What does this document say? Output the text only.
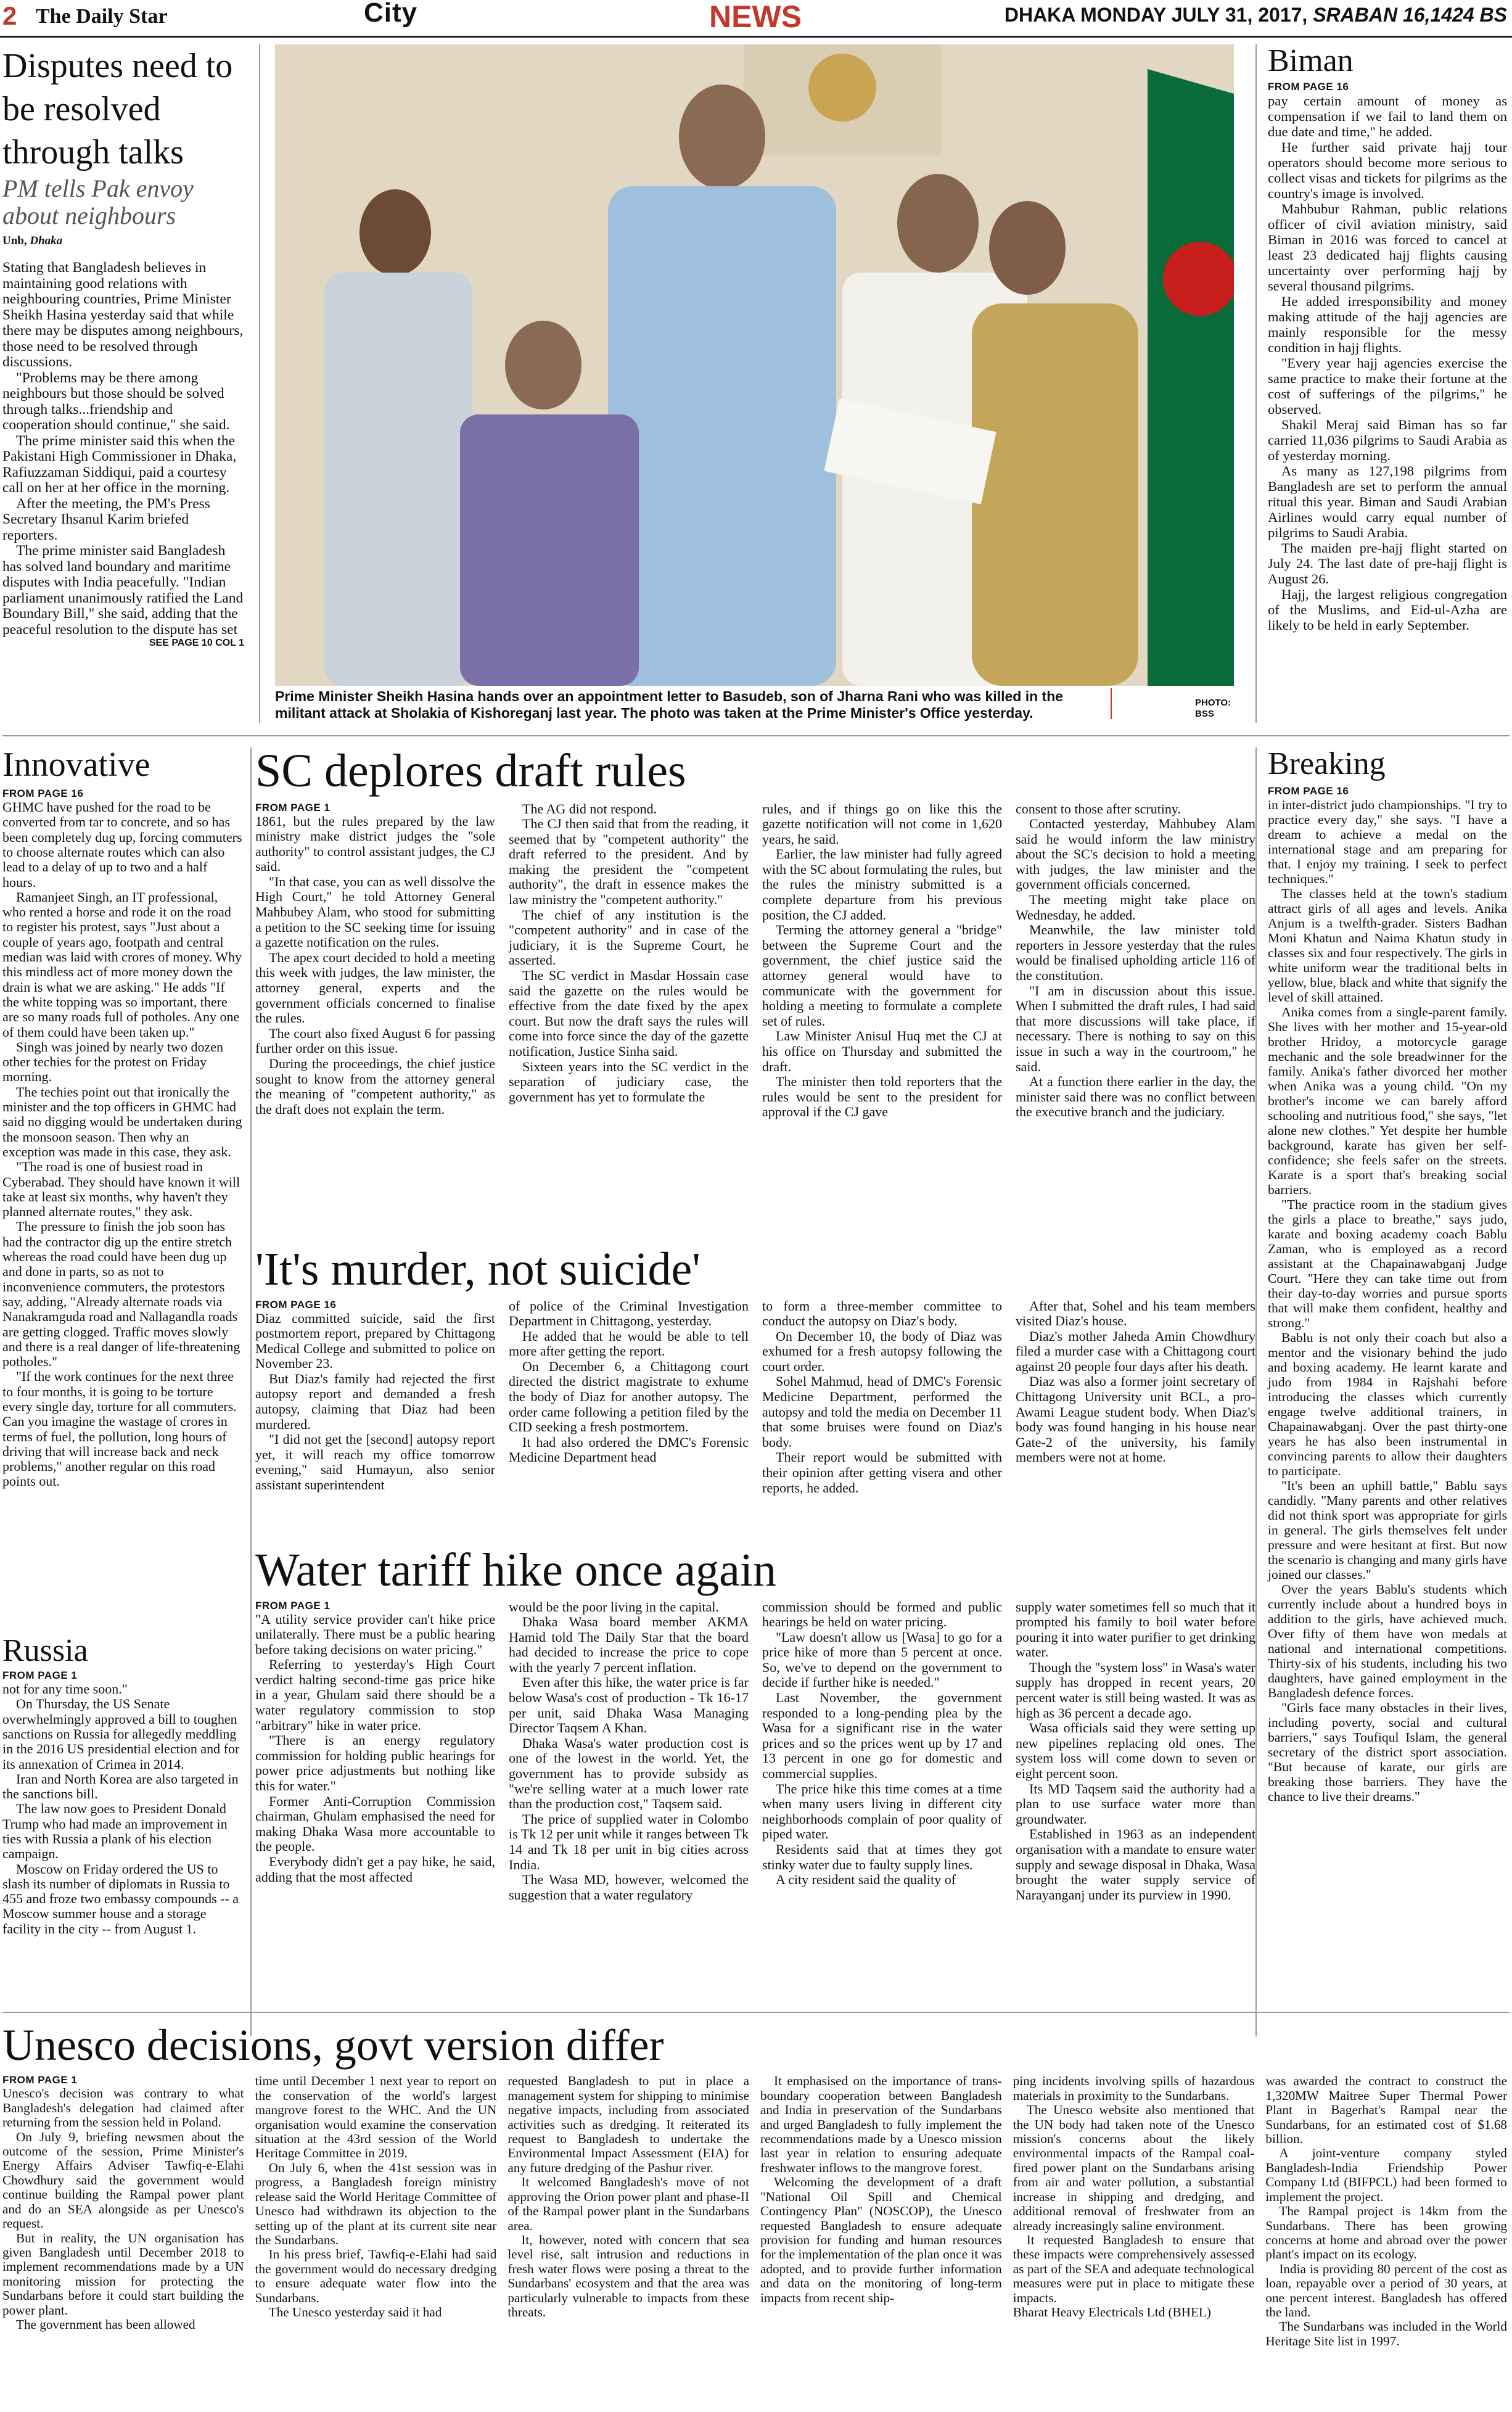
2 The Daily Star	City	NEWS	DHAKA MONDAY JULY 31, 2017, SRABAN 16,1424 BS
Disputes need to be resolved through talks
PM tells Pak envoy about neighbours
Unb, Dhaka

Stating that Bangladesh believes in maintaining good relations with neighbouring countries, Prime Minister Sheikh Hasina yesterday said that while there may be disputes among neighbours, those need to be resolved through discussions.

"Problems may be there among neighbours but those should be solved through talks...friendship and cooperation should continue," she said.

The prime minister said this when the Pakistani High Commissioner in Dhaka, Rafiuzzaman Siddiqui, paid a courtesy call on her at her office in the morning.

After the meeting, the PM's Press Secretary Ihsanul Karim briefed reporters.

The prime minister said Bangladesh has solved land boundary and maritime disputes with India peacefully. "Indian parliament unanimously ratified the Land Boundary Bill," she said, adding that the peaceful resolution to the dispute has set

SEE PAGE 10 COL 1
Prime Minister Sheikh Hasina hands over an appointment letter to Basudeb, son of Jharna Rani who was killed in the militant attack at Sholakia of Kishoreganj last year. The photo was taken at the Prime Minister's Office yesterday.
PHOTO:
BSS
Biman
FROM PAGE 16

pay certain amount of money as compensation if we fail to land them on due date and time," he added.

He further said private hajj tour operators should become more serious to collect visas and tickets for pilgrims as the country's image is involved.

Mahbubur Rahman, public relations officer of civil aviation ministry, said Biman in 2016 was forced to cancel at least 23 dedicated hajj flights causing uncertainty over performing hajj by several thousand pilgrims.

He added irresponsibility and money making attitude of the hajj agencies are mainly responsible for the messy condition in hajj flights.

"Every year hajj agencies exercise the same practice to make their fortune at the cost of sufferings of the pilgrims," he observed.

Shakil Meraj said Biman has so far carried 11,036 pilgrims to Saudi Arabia as of yesterday morning.

As many as 127,198 pilgrims from Bangladesh are set to perform the annual ritual this year. Biman and Saudi Arabian Airlines would carry equal number of pilgrims to Saudi Arabia.

The maiden pre-hajj flight started on July 24. The last date of pre-hajj flight is August 26.

Hajj, the largest religious congregation of the Muslims, and Eid-ul-Azha are likely to be held in early September.

Innovative
FROM PAGE 16

GHMC have pushed for the road to be converted from tar to concrete, and so has been completely dug up, forcing commuters to choose alternate routes which can also lead to a delay of up to two and a half hours.

Ramanjeet Singh, an IT professional, who rented a horse and rode it on the road to register his protest, says "Just about a couple of years ago, footpath and central median was laid with crores of money. Why this mindless act of more money down the drain is what we are asking." He adds "If the white topping was so important, there are so many roads full of potholes. Any one of them could have been taken up."

Singh was joined by nearly two dozen other techies for the protest on Friday morning.

The techies point out that ironically the minister and the top officers in GHMC had said no digging would be undertaken during the monsoon season. Then why an exception was made in this case, they ask.

"The road is one of busiest road in Cyberabad. They should have known it will take at least six months, why haven't they planned alternate routes," they ask.

The pressure to finish the job soon has had the contractor dig up the entire stretch whereas the road could have been dug up and done in parts, so as not to inconvenience commuters, the protestors say, adding, "Already alternate roads via Nanakramguda road and Nallagandla roads are getting clogged. Traffic moves slowly and there is a real danger of life-threatening potholes."

"If the work continues for the next three to four months, it is going to be torture every single day, torture for all commuters. Can you imagine the wastage of crores in terms of fuel, the pollution, long hours of driving that will increase back and neck problems," another regular on this road points out.

Russia
FROM PAGE 1

not for any time soon."

On Thursday, the US Senate overwhelmingly approved a bill to toughen sanctions on Russia for allegedly meddling in the 2016 US presidential election and for its annexation of Crimea in 2014.

Iran and North Korea are also targeted in the sanctions bill.

The law now goes to President Donald Trump who had made an improvement in ties with Russia a plank of his election campaign.

Moscow on Friday ordered the US to slash its number of diplomats in Russia to 455 and froze two embassy compounds -- a Moscow summer house and a storage facility in the city -- from August 1.

SC deplores draft rules
FROM PAGE 1

1861, but the rules prepared by the law ministry make district judges the "sole authority" to control assistant judges, the CJ said.

"In that case, you can as well dissolve the High Court," he told Attorney General Mahbubey Alam, who stood for submitting a petition to the SC seeking time for issuing a gazette notification on the rules.

The apex court decided to hold a meeting this week with judges, the law minister, the attorney general, experts and the government officials concerned to finalise the rules.

The court also fixed August 6 for passing further order on this issue.

During the proceedings, the chief justice sought to know from the attorney general the meaning of "competent authority," as the draft does not explain the term.

The AG did not respond.

The CJ then said that from the reading, it seemed that by "competent authority" the draft referred to the president. And by making the president the "competent authority", the draft in essence makes the law ministry the "competent authority."

The chief of any institution is the "competent authority" and in case of the judiciary, it is the Supreme Court, he asserted.

The SC verdict in Masdar Hossain case said the gazette on the rules would be effective from the date fixed by the apex court. But now the draft says the rules will come into force since the day of the gazette notification, Justice Sinha said.

Sixteen years into the SC verdict in the separation of judiciary case, the government has yet to formulate the

rules, and if things go on like this the gazette notification will not come in 1,620 years, he said.

Earlier, the law minister had fully agreed with the SC about formulating the rules, but the rules the ministry submitted is a complete departure from his previous position, the CJ added.

Terming the attorney general a "bridge" between the Supreme Court and the government, the chief justice said the attorney general would have to communicate with the government for holding a meeting to formulate a complete set of rules.

Law Minister Anisul Huq met the CJ at his office on Thursday and submitted the draft.

The minister then told reporters that the rules would be sent to the president for approval if the CJ gave

consent to those after scrutiny.

Contacted yesterday, Mahbubey Alam said he would inform the law ministry about the SC's decision to hold a meeting with judges, the law minister and the government officials concerned.

The meeting might take place on Wednesday, he added.

Meanwhile, the law minister told reporters in Jessore yesterday that the rules would be finalised upholding article 116 of the constitution.

"I am in discussion about this issue. When I submitted the draft rules, I had said that more discussions will take place, if necessary. There is nothing to say on this issue in such a way in the courtroom," he said.

At a function there earlier in the day, the minister said there was no conflict between the executive branch and the judiciary.

'It's murder, not suicide'
FROM PAGE 16

Diaz committed suicide, said the first postmortem report, prepared by Chittagong Medical College and submitted to police on November 23.

But Diaz's family had rejected the first autopsy report and demanded a fresh autopsy, claiming that Diaz had been murdered.

"I did not get the [second] autopsy report yet, it will reach my office tomorrow evening," said Humayun, also senior assistant superintendent

of police of the Criminal Investigation Department in Chittagong, yesterday.

He added that he would be able to tell more after getting the report.

On December 6, a Chittagong court directed the district magistrate to exhume the body of Diaz for another autopsy. The order came following a petition filed by the CID seeking a fresh postmortem.

It had also ordered the DMC's Forensic Medicine Department head

to form a three-member committee to conduct the autopsy on Diaz's body.

On December 10, the body of Diaz was exhumed for a fresh autopsy following the court order.

Sohel Mahmud, head of DMC's Forensic Medicine Department, performed the autopsy and told the media on December 11 that some bruises were found on Diaz's body.

Their report would be submitted with their opinion after getting visera and other reports, he added.

After that, Sohel and his team members visited Diaz's house.

Diaz's mother Jaheda Amin Chowdhury filed a murder case with a Chittagong court against 20 people four days after his death.

Diaz was also a former joint secretary of Chittagong University unit BCL, a pro-Awami League student body. When Diaz's body was found hanging in his house near Gate-2 of the university, his family members were not at home.

Water tariff hike once again
FROM PAGE 1

"A utility service provider can't hike price unilaterally. There must be a public hearing before taking decisions on water pricing."

Referring to yesterday's High Court verdict halting second-time gas price hike in a year, Ghulam said there should be a water regulatory commission to stop "arbitrary" hike in water price.

"There is an energy regulatory commission for holding public hearings for power price adjustments but nothing like this for water."

Former Anti-Corruption Commission chairman, Ghulam emphasised the need for making Dhaka Wasa more accountable to the people.

Everybody didn't get a pay hike, he said, adding that the most affected

would be the poor living in the capital.

Dhaka Wasa board member AKMA Hamid told The Daily Star that the board had decided to increase the price to cope with the yearly 7 percent inflation.

Even after this hike, the water price is far below Wasa's cost of production - Tk 16-17 per unit, said Dhaka Wasa Managing Director Taqsem A Khan.

Dhaka Wasa's water production cost is one of the lowest in the world. Yet, the government has to provide subsidy as "we're selling water at a much lower rate than the production cost," Taqsem said.

The price of supplied water in Colombo is Tk 12 per unit while it ranges between Tk 14 and Tk 18 per unit in big cities across India.

The Wasa MD, however, welcomed the suggestion that a water regulatory

commission should be formed and public hearings be held on water pricing.

"Law doesn't allow us [Wasa] to go for a price hike of more than 5 percent at once. So, we've to depend on the government to decide if further hike is needed."

Last November, the government responded to a long-pending plea by the Wasa for a significant rise in the water prices and so the prices went up by 17 and 13 percent in one go for domestic and commercial supplies.

The price hike this time comes at a time when many users living in different city neighborhoods complain of poor quality of piped water.

Residents said that at times they got stinky water due to faulty supply lines.

A city resident said the quality of

supply water sometimes fell so much that it prompted his family to boil water before pouring it into water purifier to get drinking water.

Though the "system loss" in Wasa's water supply has dropped in recent years, 20 percent water is still being wasted. It was as high as 36 percent a decade ago.

Wasa officials said they were setting up new pipelines replacing old ones. The system loss will come down to seven or eight percent soon.

Its MD Taqsem said the authority had a plan to use surface water more than groundwater.

Established in 1963 as an independent organisation with a mandate to ensure water supply and sewage disposal in Dhaka, Wasa brought the water supply service of Narayanganj under its purview in 1990.

Breaking
FROM PAGE 16

in inter-district judo championships. "I try to practice every day," she says. "I have a dream to achieve a medal on the international stage and am preparing for that. I enjoy my training. I seek to perfect techniques."

The classes held at the town's stadium attract girls of all ages and levels. Anika Anjum is a twelfth-grader. Sisters Badhan Moni Khatun and Naima Khatun study in classes six and four respectively. The girls in white uniform wear the traditional belts in yellow, blue, black and white that signify the level of skill attained.

Anika comes from a single-parent family. She lives with her mother and 15-year-old brother Hridoy, a motorcycle garage mechanic and the sole breadwinner for the family. Anika's father divorced her mother when Anika was a young child. "On my brother's income we can barely afford schooling and nutritious food," she says, "let alone new clothes." Yet despite her humble background, karate has given her self-confidence; she feels safer on the streets. Karate is a sport that's breaking social barriers.

"The practice room in the stadium gives the girls a place to breathe," says judo, karate and boxing academy coach Bablu Zaman, who is employed as a record assistant at the Chapainawabganj Judge Court. "Here they can take time out from their day-to-day worries and pursue sports that will make them confident, healthy and strong."

Bablu is not only their coach but also a mentor and the visionary behind the judo and boxing academy. He learnt karate and judo from 1984 in Rajshahi before introducing the classes which currently engage twelve additional trainers, in Chapainawabganj. Over the past thirty-one years he has also been instrumental in convincing parents to allow their daughters to participate.

"It's been an uphill battle," Bablu says candidly. "Many parents and other relatives did not think sport was appropriate for girls in general. The girls themselves felt under pressure and were hesitant at first. But now the scenario is changing and many girls have joined our classes."

Over the years Bablu's students which currently include about a hundred boys in addition to the girls, have achieved much. Over fifty of them have won medals at national and international competitions. Thirty-six of his students, including his two daughters, have gained employment in the Bangladesh defence forces.

"Girls face many obstacles in their lives, including poverty, social and cultural barriers," says Toufiqul Islam, the general secretary of the district sport association. "But because of karate, our girls are breaking those barriers. They have the chance to live their dreams."

Unesco decisions, govt version differ
FROM PAGE 1

Unesco's decision was contrary to what Bangladesh's delegation had claimed after returning from the session held in Poland.

On July 9, briefing newsmen about the outcome of the session, Prime Minister's Energy Affairs Adviser Tawfiq-e-Elahi Chowdhury said the government would continue building the Rampal power plant and do an SEA alongside as per Unesco's request.

But in reality, the UN organisation has given Bangladesh until December 2018 to implement recommendations made by a UN monitoring mission for protecting the Sundarbans before it could start building the power plant.

The government has been allowed

time until December 1 next year to report on the conservation of the world's largest mangrove forest to the WHC. And the UN organisation would examine the conservation situation at the 43rd session of the World Heritage Committee in 2019.

On July 6, when the 41st session was in progress, a Bangladesh foreign ministry release said the World Heritage Committee of Unesco had withdrawn its objection to the setting up of the plant at its current site near the Sundarbans.

In his press brief, Tawfiq-e-Elahi had said the government would do necessary dredging to ensure adequate water flow into the Sundarbans.

The Unesco yesterday said it had

requested Bangladesh to put in place a management system for shipping to minimise negative impacts, including from associated activities such as dredging. It reiterated its request to Bangladesh to undertake the Environmental Impact Assessment (EIA) for any future dredging of the Pashur river.

It welcomed Bangladesh's move of not approving the Orion power plant and phase-II of the Rampal power plant in the Sundarbans area.

It, however, noted with concern that sea level rise, salt intrusion and reductions in fresh water flows were posing a threat to the Sundarbans' ecosystem and that the area was particularly vulnerable to impacts from these threats.

It emphasised on the importance of trans-boundary cooperation between Bangladesh and India in preservation of the Sundarbans and urged Bangladesh to fully implement the recommendations made by a Unesco mission last year in relation to ensuring adequate freshwater inflows to the mangrove forest.

Welcoming the development of a draft "National Oil Spill and Chemical Contingency Plan" (NOSCOP), the Unesco requested Bangladesh to ensure adequate provision for funding and human resources for the implementation of the plan once it was adopted, and to provide further information and data on the monitoring of long-term impacts from recent ship-

ping incidents involving spills of hazardous materials in proximity to the Sundarbans.

The Unesco website also mentioned that the UN body had taken note of the Unesco mission's concerns about the likely environmental impacts of the Rampal coal-fired power plant on the Sundarbans arising from air and water pollution, a substantial increase in shipping and dredging, and additional removal of freshwater from an already increasingly saline environment.

It requested Bangladesh to ensure that these impacts were comprehensively assessed as part of the SEA and adequate technological measures were put in place to mitigate these impacts.

Bharat Heavy Electricals Ltd (BHEL)

was awarded the contract to construct the 1,320MW Maitree Super Thermal Power Plant in Bagerhat's Rampal near the Sundarbans, for an estimated cost of $1.68 billion.

A joint-venture company styled Bangladesh-India Friendship Power Company Ltd (BIFPCL) had been formed to implement the project.

The Rampal project is 14km from the Sundarbans. There has been growing concerns at home and abroad over the power plant's impact on its ecology.

India is providing 80 percent of the cost as loan, repayable over a period of 30 years, at one percent interest. Bangladesh has offered the land.

The Sundarbans was included in the World Heritage Site list in 1997.
